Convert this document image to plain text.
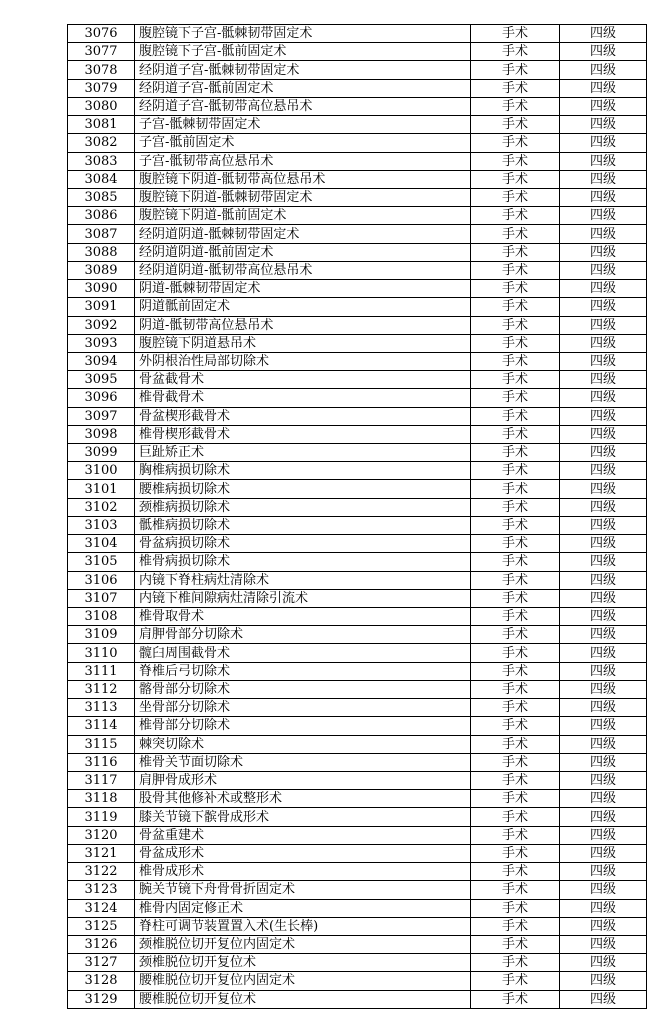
3076	腹腔镜下子宫-骶棘韧带固定术	手术	四级
3077	腹腔镜下子宫-骶前固定术	手术	四级
3078	经阴道子宫-骶棘韧带固定术	手术	四级
3079	经阴道子宫-骶前固定术	手术	四级
3080	经阴道子宫-骶韧带高位悬吊术	手术	四级
3081	子宫-骶棘韧带固定术	手术	四级
3082	子宫-骶前固定术	手术	四级
3083	子宫-骶韧带高位悬吊术	手术	四级
3084	腹腔镜下阴道-骶韧带高位悬吊术	手术	四级
3085	腹腔镜下阴道-骶棘韧带固定术	手术	四级
3086	腹腔镜下阴道-骶前固定术	手术	四级
3087	经阴道阴道-骶棘韧带固定术	手术	四级
3088	经阴道阴道-骶前固定术	手术	四级
3089	经阴道阴道-骶韧带高位悬吊术	手术	四级
3090	阴道-骶棘韧带固定术	手术	四级
3091	阴道骶前固定术	手术	四级
3092	阴道-骶韧带高位悬吊术	手术	四级
3093	腹腔镜下阴道悬吊术	手术	四级
3094	外阴根治性局部切除术	手术	四级
3095	骨盆截骨术	手术	四级
3096	椎骨截骨术	手术	四级
3097	骨盆楔形截骨术	手术	四级
3098	椎骨楔形截骨术	手术	四级
3099	巨趾矫正术	手术	四级
3100	胸椎病损切除术	手术	四级
3101	腰椎病损切除术	手术	四级
3102	颈椎病损切除术	手术	四级
3103	骶椎病损切除术	手术	四级
3104	骨盆病损切除术	手术	四级
3105	椎骨病损切除术	手术	四级
3106	内镜下脊柱病灶清除术	手术	四级
3107	内镜下椎间隙病灶清除引流术	手术	四级
3108	椎骨取骨术	手术	四级
3109	肩胛骨部分切除术	手术	四级
3110	髋臼周围截骨术	手术	四级
3111	脊椎后弓切除术	手术	四级
3112	髂骨部分切除术	手术	四级
3113	坐骨部分切除术	手术	四级
3114	椎骨部分切除术	手术	四级
3115	棘突切除术	手术	四级
3116	椎骨关节面切除术	手术	四级
3117	肩胛骨成形术	手术	四级
3118	股骨其他修补术或整形术	手术	四级
3119	膝关节镜下髌骨成形术	手术	四级
3120	骨盆重建术	手术	四级
3121	骨盆成形术	手术	四级
3122	椎骨成形术	手术	四级
3123	腕关节镜下舟骨骨折固定术	手术	四级
3124	椎骨内固定修正术	手术	四级
3125	脊柱可调节装置置入术(生长棒)	手术	四级
3126	颈椎脱位切开复位内固定术	手术	四级
3127	颈椎脱位切开复位术	手术	四级
3128	腰椎脱位切开复位内固定术	手术	四级
3129	腰椎脱位切开复位术	手术	四级
